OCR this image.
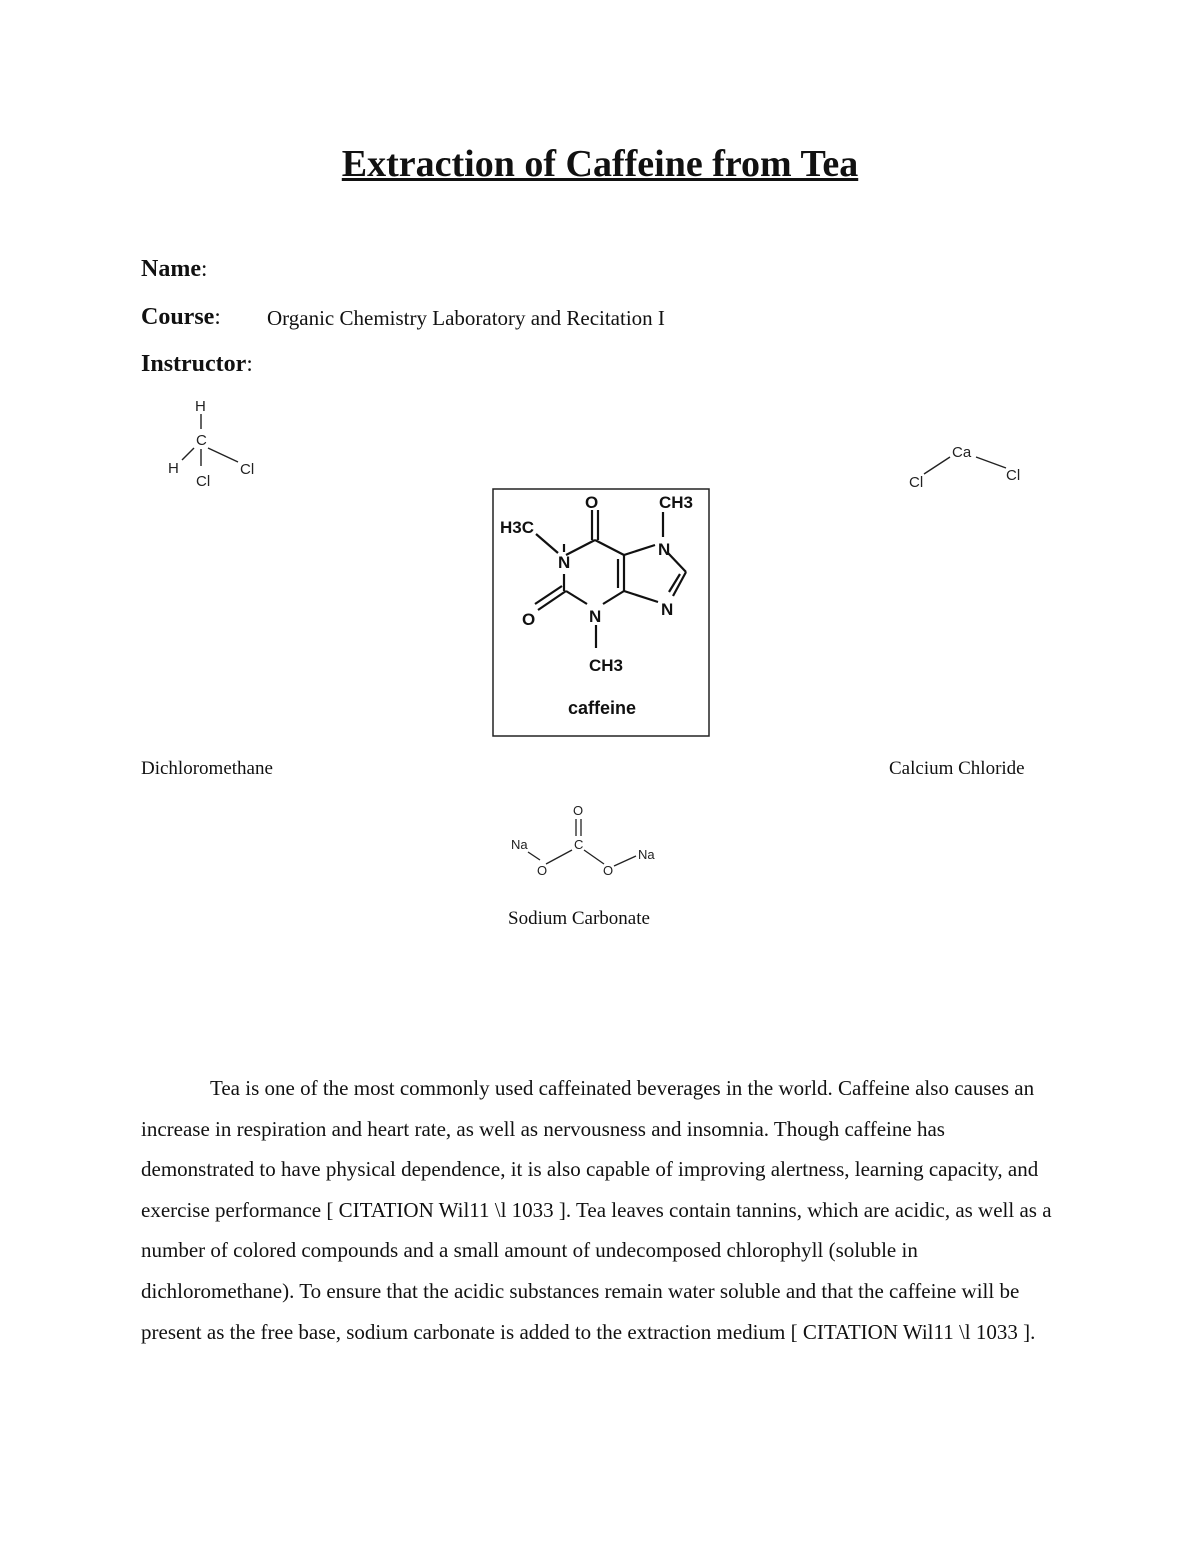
Extraction of Caffeine from Tea
Name:
Course: Organic Chemistry Laboratory and Recitation I
Instructor:
H
C
H	Cl
Cl
Ca
Cl	Cl
O	CH3
H3C
N
N
N
N
O
CH3
caffeine
Dichloromethane	Calcium Chloride
O
C
Na
O	O
Na
Sodium Carbonate

Tea is one of the most commonly used caffeinated beverages in the world. Caffeine also causes an increase in respiration and heart rate, as well as nervousness and insomnia. Though caffeine has demonstrated to have physical dependence, it is also capable of improving alertness, learning capacity, and exercise performance [ CITATION Wil11 \l 1033 ]. Tea leaves contain tannins, which are acidic, as well as a number of colored compounds and a small amount of undecomposed chlorophyll (soluble in dichloromethane). To ensure that the acidic substances remain water soluble and that the caffeine will be present as the free base, sodium carbonate is added to the extraction medium [ CITATION Wil11 \l 1033 ].
